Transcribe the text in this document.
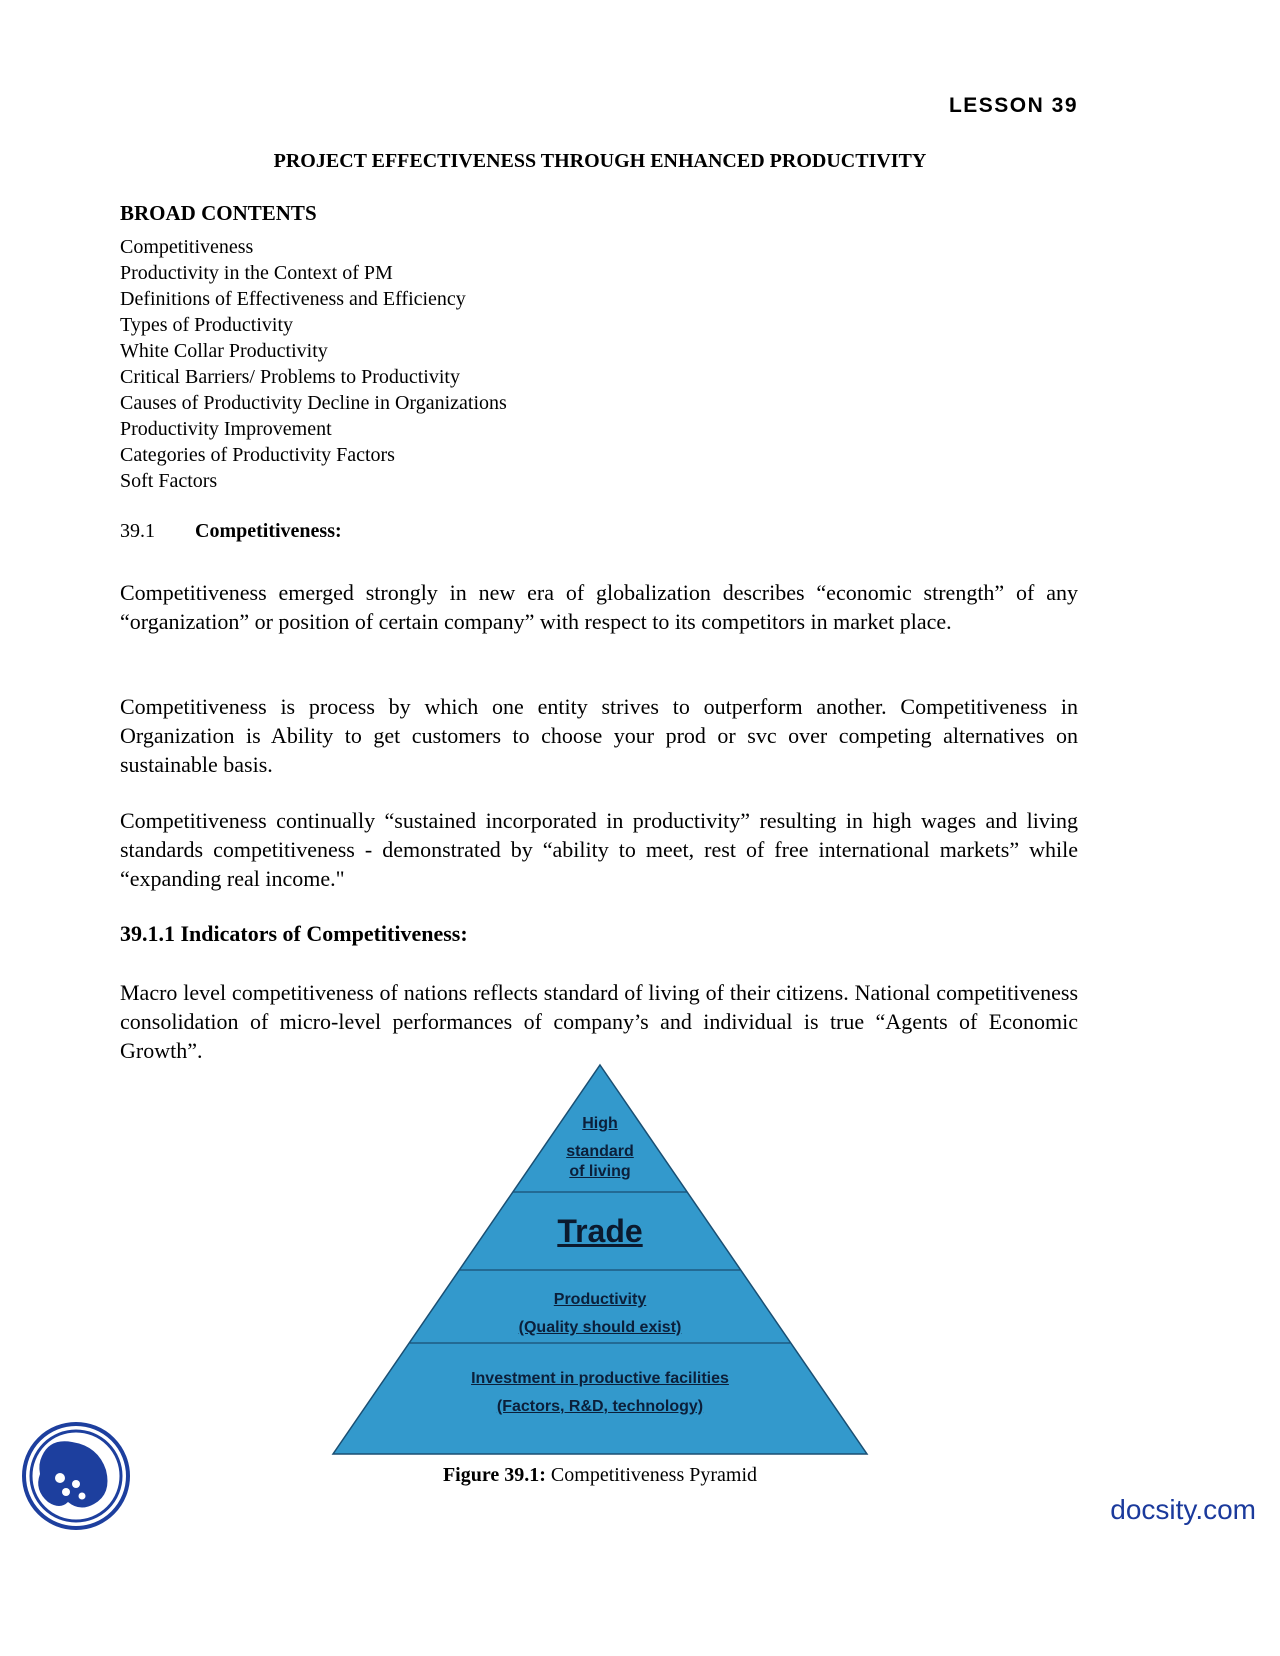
LESSON 39
PROJECT EFFECTIVENESS THROUGH ENHANCED PRODUCTIVITY
BROAD CONTENTS
Competitiveness
Productivity in the Context of PM
Definitions of Effectiveness and Efficiency
Types of Productivity
White Collar Productivity
Critical Barriers/ Problems to Productivity
Causes of Productivity Decline in Organizations
Productivity Improvement
Categories of Productivity Factors
Soft Factors
39.1 Competitiveness:
Competitiveness emerged strongly in new era of globalization describes “economic strength” of any “organization” or position of certain company” with respect to its competitors in market place.
Competitiveness is process by which one entity strives to outperform another. Competitiveness in Organization is Ability to get customers to choose your prod or svc over competing alternatives on sustainable basis.
Competitiveness continually “sustained incorporated in productivity” resulting in high wages and living standards competitiveness - demonstrated by “ability to meet, rest of free international markets” while “expanding real income."
39.1.1 Indicators of Competitiveness:
Macro level competitiveness of nations reflects standard of living of their citizens. National competitiveness consolidation of micro-level performances of company’s and individual is true “Agents of Economic Growth”.
High
standard
of living
Trade
Productivity
(Quality should exist)
Investment in productive facilities
(Factors, R&D, technology)
Figure 39.1: Competitiveness Pyramid
docsity.com
